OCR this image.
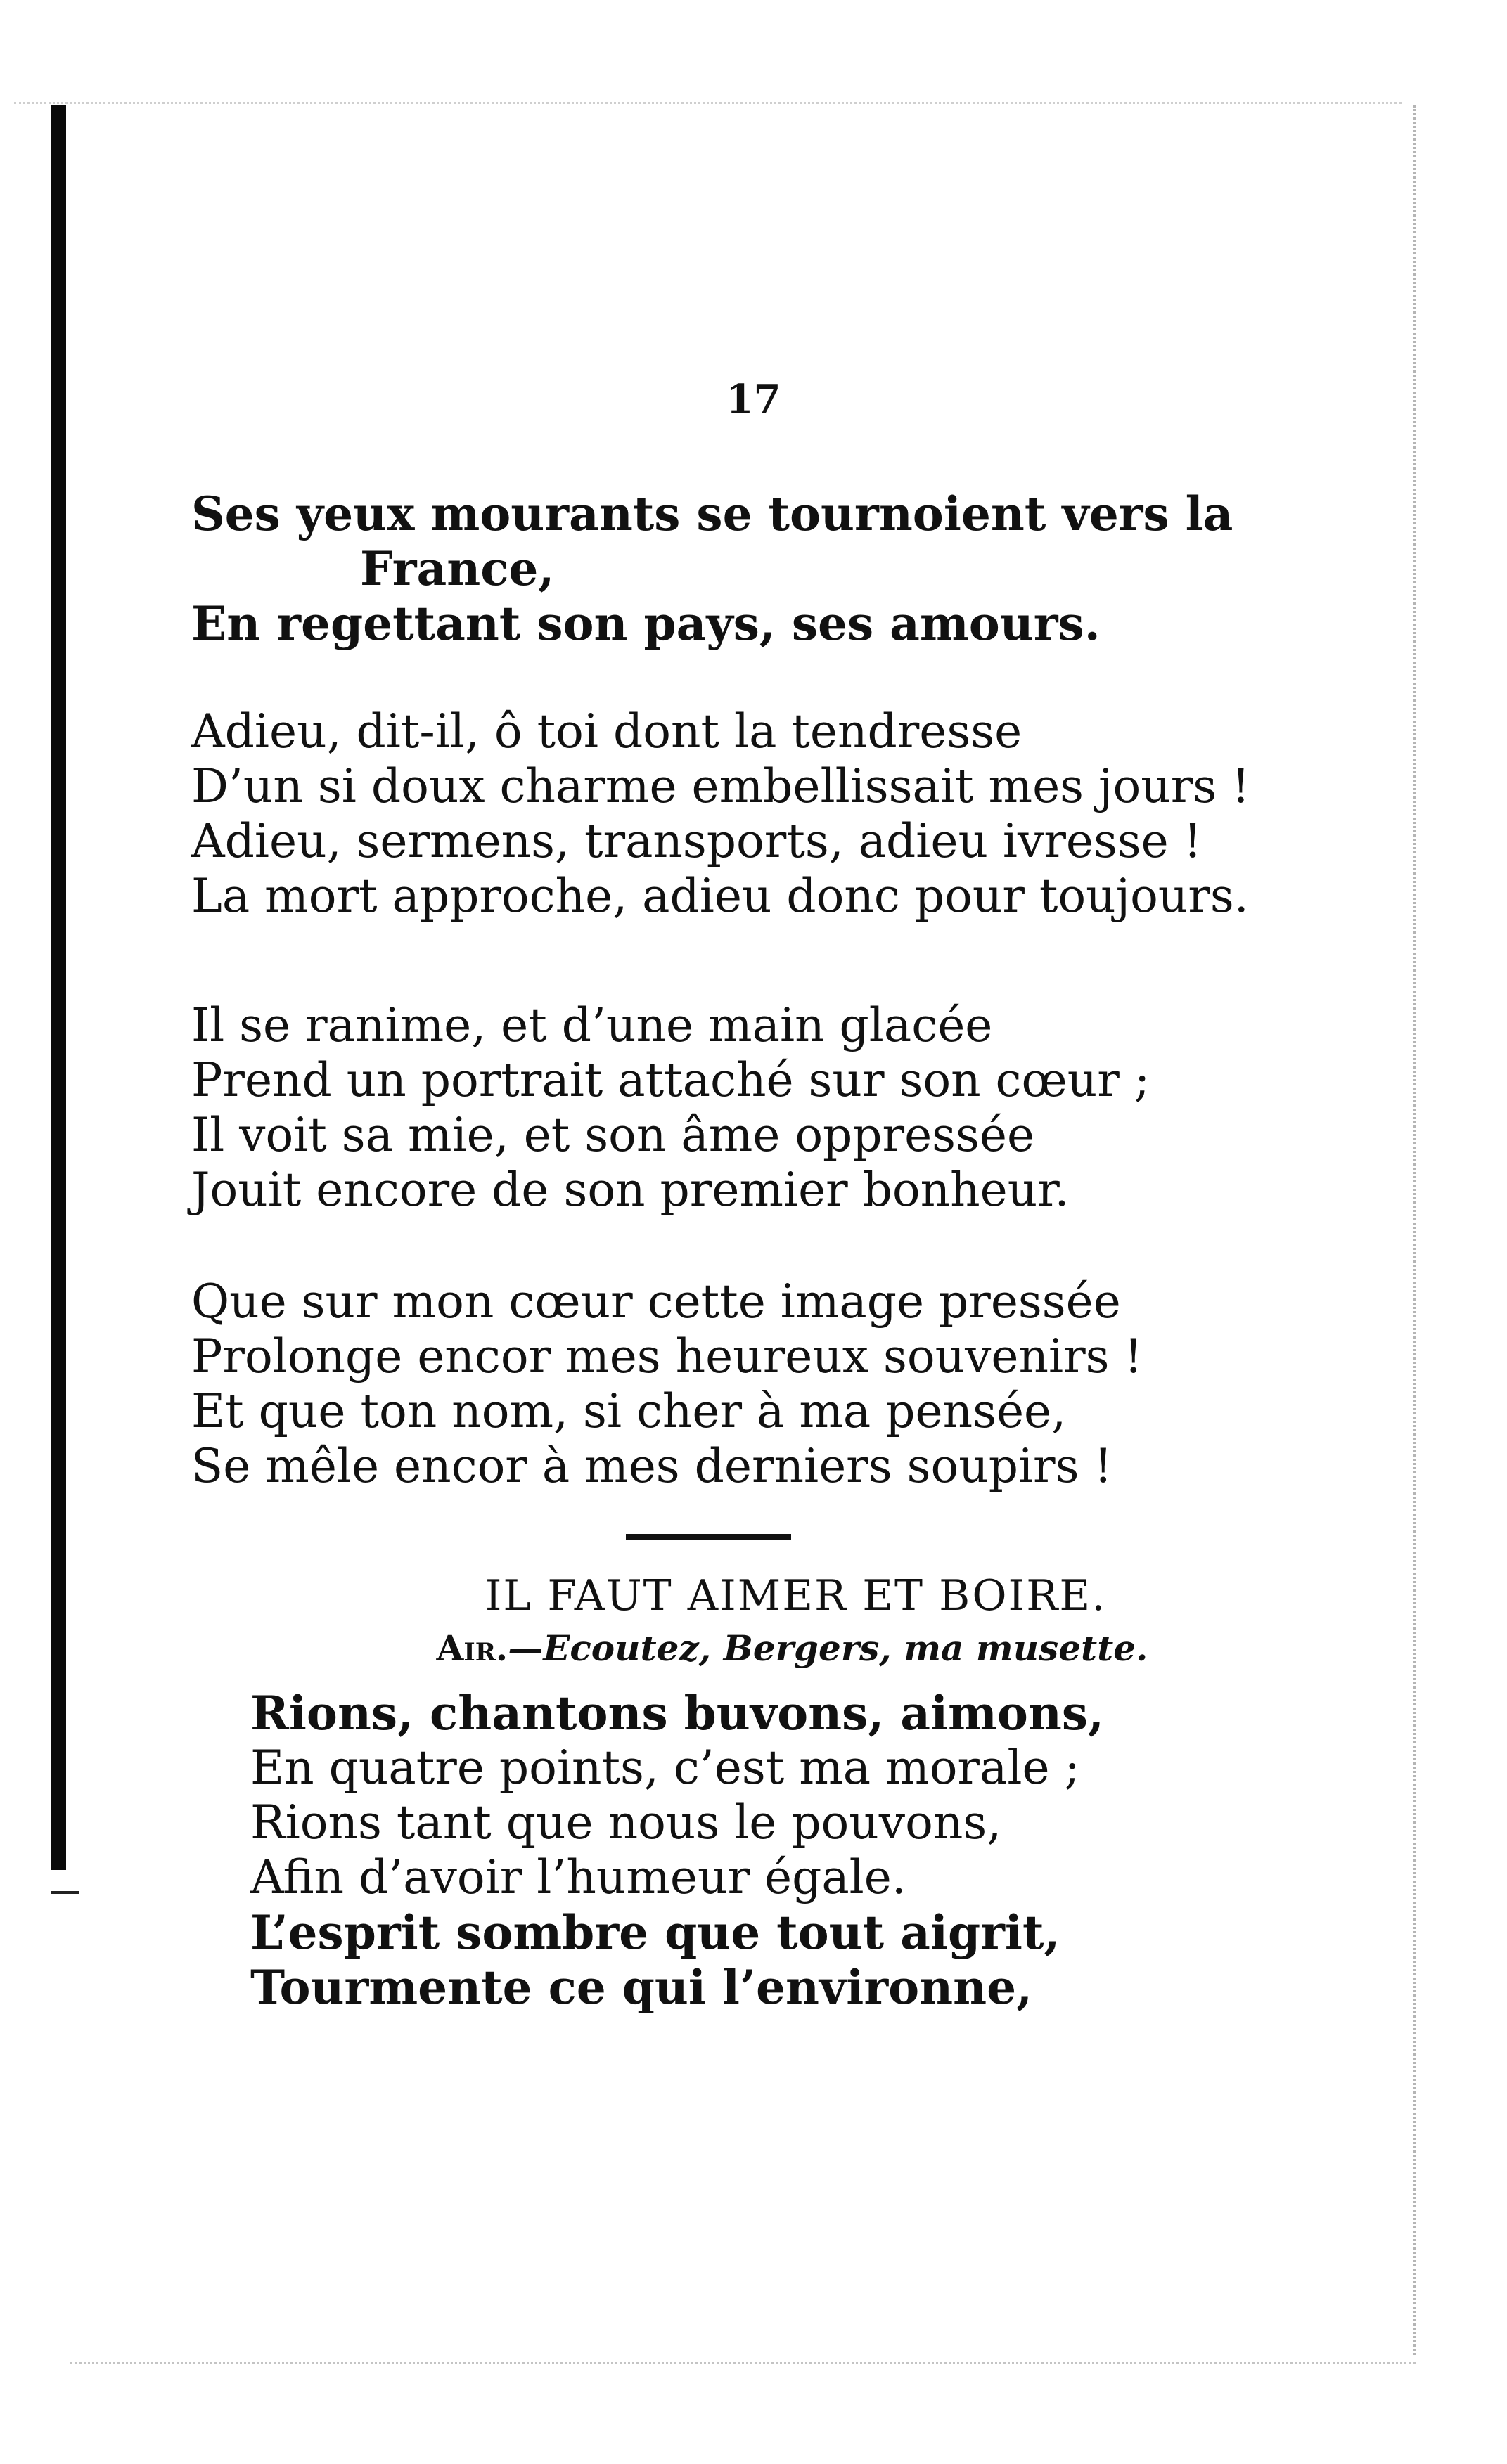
17
Ses yeux mourants se tournoient vers la
France,
En regettant son pays, ses amours.
Adieu, dit-il, ô toi dont la tendresse
D’un si doux charme embellissait mes jours !
Adieu, sermens, transports, adieu ivresse !
La mort approche, adieu donc pour toujours.
Il se ranime, et d’une main glacée
Prend un portrait attaché sur son cœur ;
Il voit sa mie, et son âme oppressée
Jouit encore de son premier bonheur.
Que sur mon cœur cette image pressée
Prolonge encor mes heureux souvenirs !
Et que ton nom, si cher à ma pensée,
Se mêle encor à mes derniers soupirs !
IL FAUT AIMER ET BOIRE.
Air.—Ecoutez, Bergers, ma musette.
Rions, chantons buvons, aimons,
En quatre points, c’est ma morale ;
Rions tant que nous le pouvons,
Afin d’avoir l’humeur égale.
L’esprit sombre que tout aigrit,
Tourmente ce qui l’environne,
